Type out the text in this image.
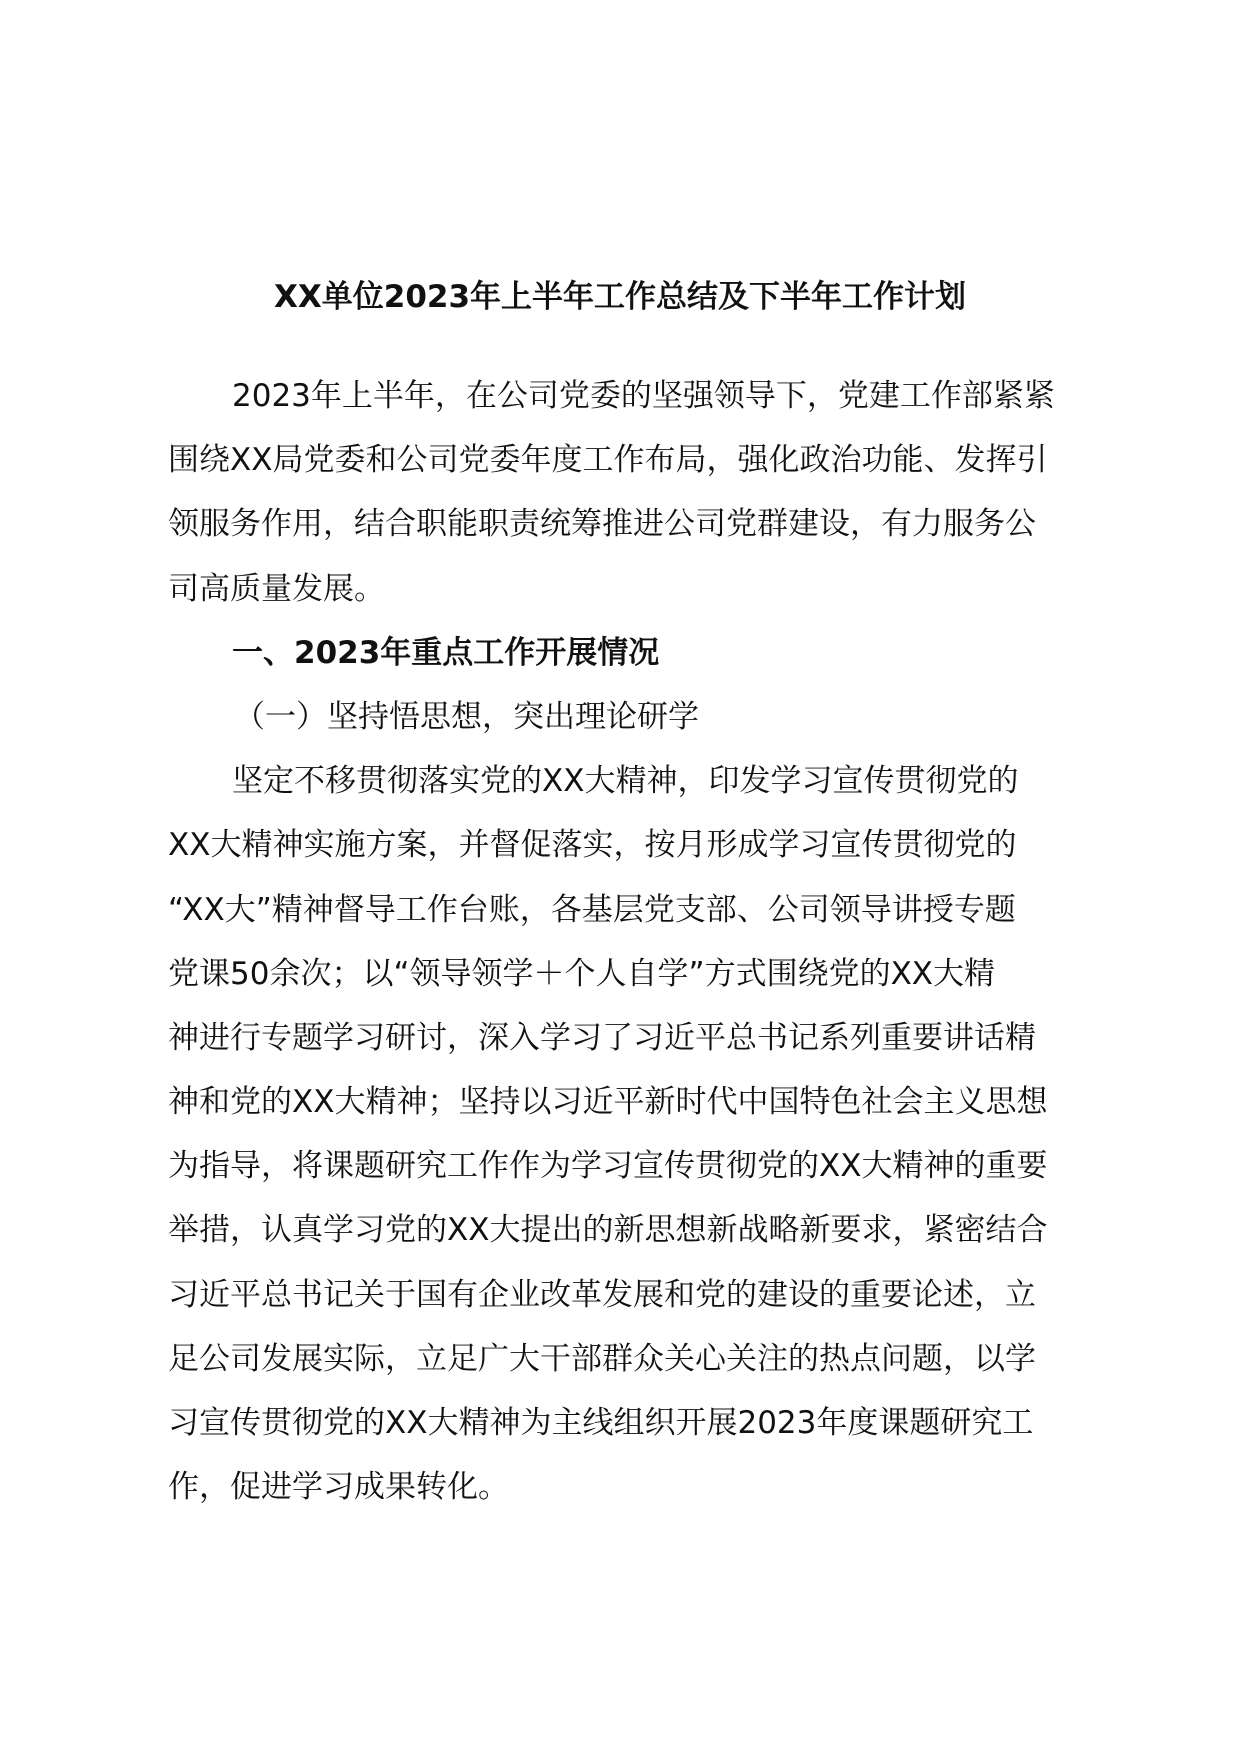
XX单位2023年上半年工作总结及下半年工作计划
2023年上半年，在公司党委的坚强领导下，党建工作部紧紧
围绕XX局党委和公司党委年度工作布局，强化政治功能、发挥引
领服务作用，结合职能职责统筹推进公司党群建设，有力服务公
司高质量发展。
一、2023年重点工作开展情况
（一）坚持悟思想，突出理论研学
坚定不移贯彻落实党的XX大精神，印发学习宣传贯彻党的
XX大精神实施方案，并督促落实，按月形成学习宣传贯彻党的
“XX大”精神督导工作台账，各基层党支部、公司领导讲授专题
党课50余次；以“领导领学＋个人自学”方式围绕党的XX大精
神进行专题学习研讨，深入学习了习近平总书记系列重要讲话精
神和党的XX大精神；坚持以习近平新时代中国特色社会主义思想
为指导，将课题研究工作作为学习宣传贯彻党的XX大精神的重要
举措，认真学习党的XX大提出的新思想新战略新要求，紧密结合
习近平总书记关于国有企业改革发展和党的建设的重要论述，立
足公司发展实际，立足广大干部群众关心关注的热点问题，以学
习宣传贯彻党的XX大精神为主线组织开展2023年度课题研究工
作，促进学习成果转化。
